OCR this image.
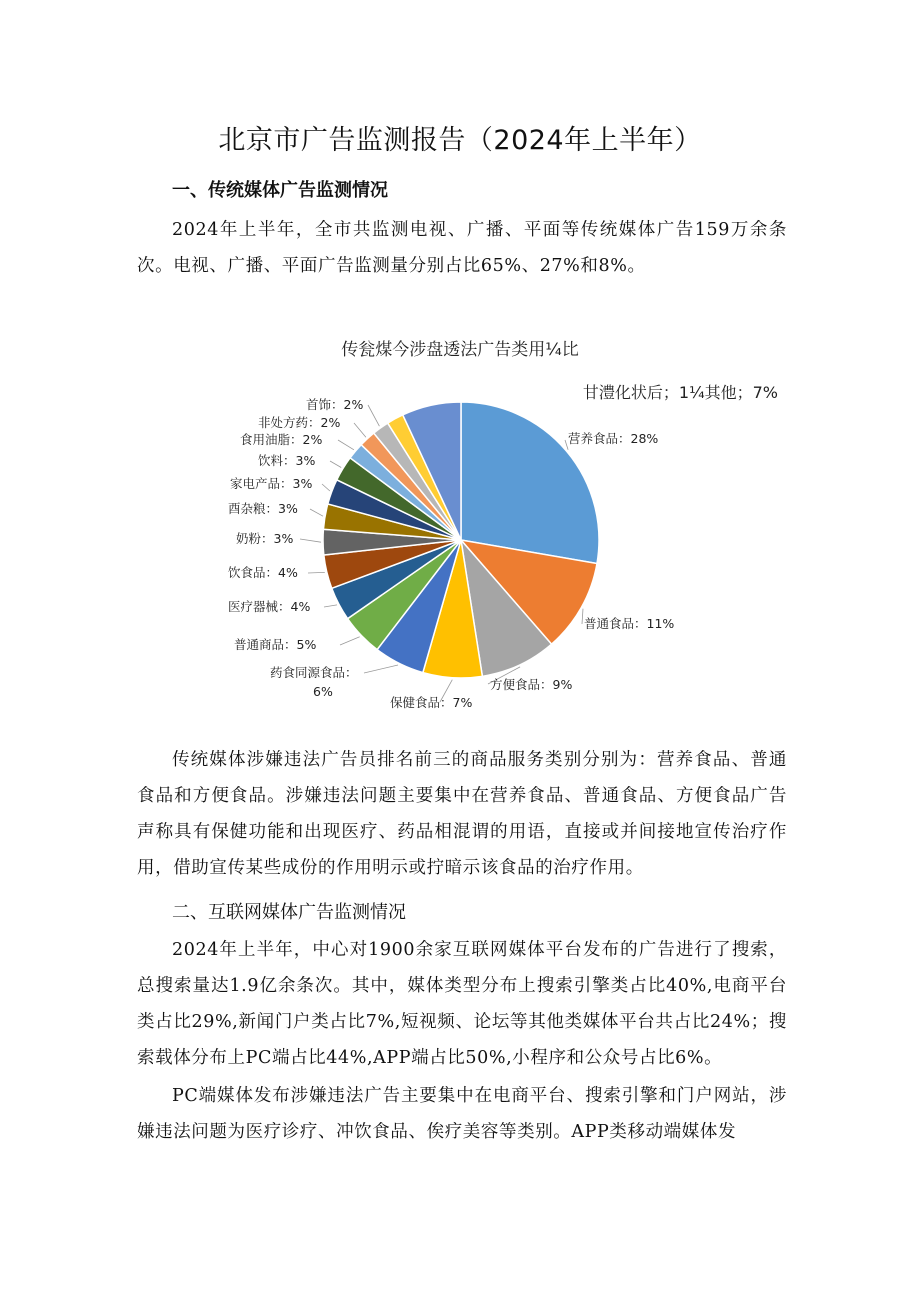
北京市广告监测报告（2024年上半年）
一、传统媒体广告监测情况
2024年上半年，全市共监测电视、广播、平面等传统媒体广告159万余条次。电视、广播、平面广告监测量分别占比65%、27%和8%。
传瓮煤今涉盘透法广告类用¼比
甘澧化状后；1¼其他；7%
营养食品：28%
普通食品：11%
方便食品：9%
保健食品：7%
药食同源食品：
6%
普通商品：5%
医疗器械：4%
饮食品：4%
奶粉：3%
酉杂粮：3%
家电产品：3%
饮料：3%
食用油脂：2%
非处方药：2%
首饰：2%
传统媒体涉嫌违法广告员排名前三的商品服务类别分别为：营养食品、普通食品和方便食品。涉嫌违法问题主要集中在营养食品、普通食品、方便食品广告声称具有保健功能和出现医疗、药品相混谓的用语，直接或并间接地宣传治疗作用，借助宣传某些成份的作用明示或拧暗示该食品的治疗作用。
二、互联网媒体广告监测情况
2024年上半年，中心对1900余家互联网媒体平台发布的广告进行了搜索，总搜索量达1.9亿余条次。其中，媒体类型分布上搜索引擎类占比40%,电商平台类占比29%,新闻门户类占比7%,短视频、论坛等其他类媒体平台共占比24%；搜索载体分布上PC端占比44%,APP端占比50%,小程序和公众号占比6%。
PC端媒体发布涉嫌违法广告主要集中在电商平台、搜索引擎和门户网站，涉嫌违法问题为医疗诊疗、冲饮食品、俟疗美容等类别。APP类移动端媒体发
